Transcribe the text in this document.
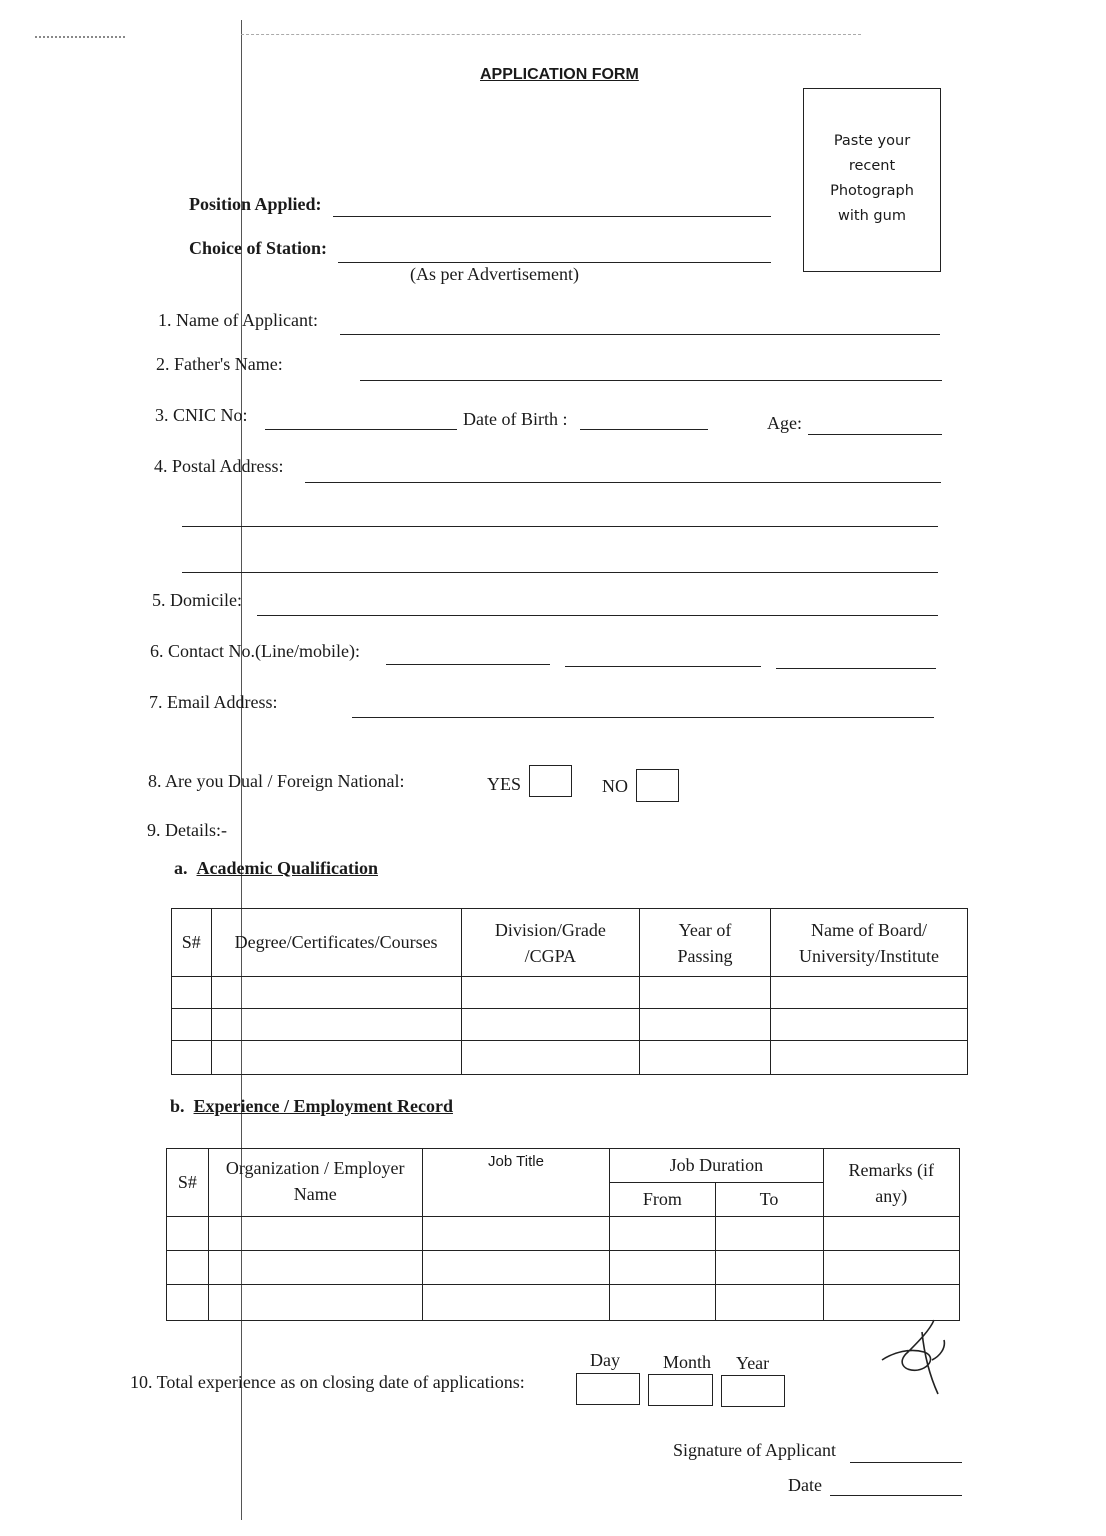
APPLICATION FORM
Paste your
recent
Photograph
with gum
Position Applied:
Choice of Station:
(As per Advertisement)
1. Name of Applicant:
2. Father's Name:
3. CNIC No:	Date of Birth :	Age:
4. Postal Address:
5. Domicile:
6. Contact No.(Line/mobile):
7. Email Address:
8. Are you Dual / Foreign National:	YES	NO
9. Details:-
a. Academic Qualification
S#	Degree/Certificates/Courses	Division/Grade /CGPA	Year of Passing	Name of Board/ University/Institute

b. Experience / Employment Record
S#	Organization / Employer Name	Job Title	Job Duration		Remarks (if any)
			From	To	

Day Month Year
10. Total experience as on closing date of applications:
Signature of Applicant
Date
